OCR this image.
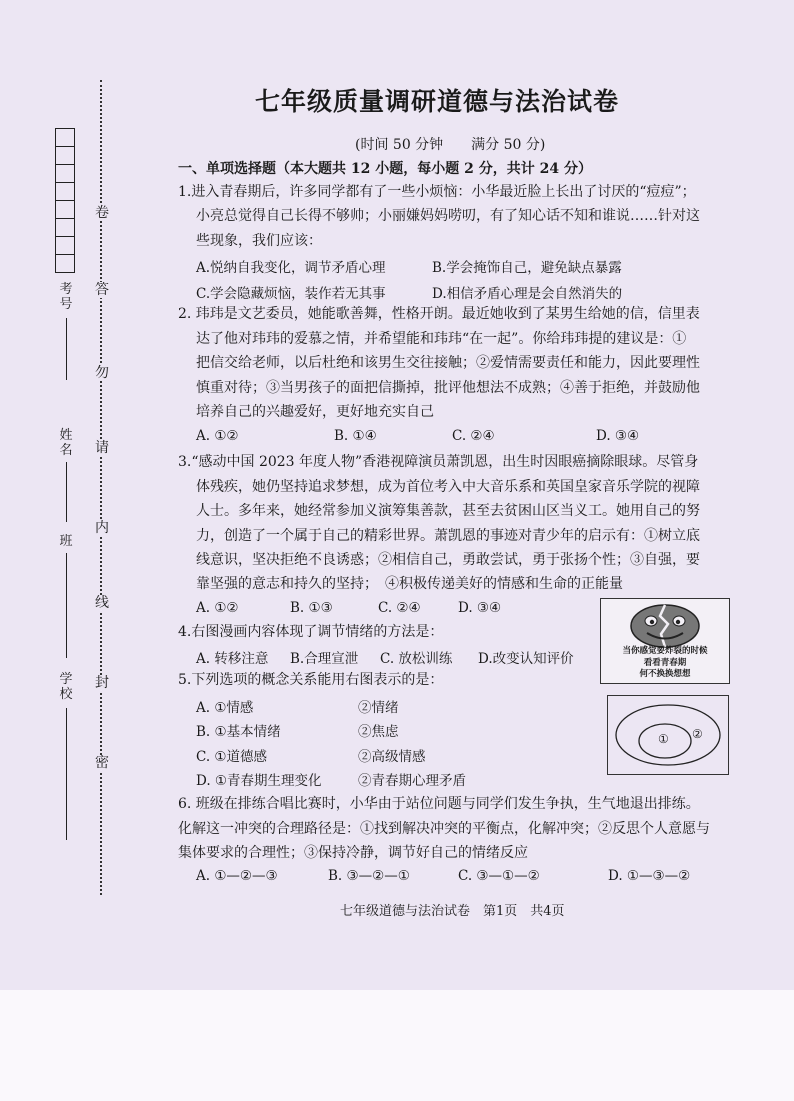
卷
答
勿
请
内
线
封
密
考号
姓名
班
学校
七年级质量调研道德与法治试卷
(时间 50 分钟　　满分 50 分)
一、单项选择题（本大题共 12 小题，每小题 2 分，共计 24 分）
1.进入青春期后，许多同学都有了一些小烦恼：小华最近脸上长出了讨厌的“痘痘”；
小亮总觉得自己长得不够帅；小丽嫌妈妈唠叨，有了知心话不知和谁说……针对这
些现象，我们应该：
A.悦纳自我变化，调节矛盾心理	B.学会掩饰自己，避免缺点暴露
C.学会隐藏烦恼，装作若无其事	D.相信矛盾心理是会自然消失的
2. 玮玮是文艺委员，她能歌善舞，性格开朗。最近她收到了某男生给她的信，信里表
达了他对玮玮的爱慕之情，并希望能和玮玮“在一起”。你给玮玮提的建议是：①
把信交给老师，以后杜绝和该男生交往接触；②爱情需要责任和能力，因此要理性
慎重对待；③当男孩子的面把信撕掉，批评他想法不成熟；④善于拒绝，并鼓励他
培养自己的兴趣爱好，更好地充实自己
A. ①②	B. ①④	C. ②④	D. ③④
3.“感动中国 2023 年度人物”香港视障演员萧凯恩，出生时因眼癌摘除眼球。尽管身
体残疾，她仍坚持追求梦想，成为首位考入中大音乐系和英国皇家音乐学院的视障
人士。多年来，她经常参加义演筹集善款，甚至去贫困山区当义工。她用自己的努
力，创造了一个属于自己的精彩世界。萧凯恩的事迹对青少年的启示有：①树立底
线意识，坚决拒绝不良诱惑；②相信自己，勇敢尝试，勇于张扬个性；③自强，要
靠坚强的意志和持久的坚持；　④积极传递美好的情感和生命的正能量
A. ①②	B. ①③	C. ②④	D. ③④
当你感觉要炸裂的时候
看看青春期
何不换换想想
4.右图漫画内容体现了调节情绪的方法是：
A. 转移注意 B.合理宣泄 C. 放松训练 D.改变认知评价
① ②
5.下列选项的概念关系能用右图表示的是：
A. ①情感	②情绪
B. ①基本情绪	②焦虑
C. ①道德感	②高级情感
D. ①青春期生理变化	②青春期心理矛盾
6. 班级在排练合唱比赛时，小华由于站位问题与同学们发生争执，生气地退出排练。
化解这一冲突的合理路径是：①找到解决冲突的平衡点，化解冲突；②反思个人意愿与
集体要求的合理性；③保持冷静，调节好自己的情绪反应
A. ①—②—③	B. ③—②—①	C. ③—①—②	D. ①—③—②
七年级道德与法治试卷　第1页　共4页
